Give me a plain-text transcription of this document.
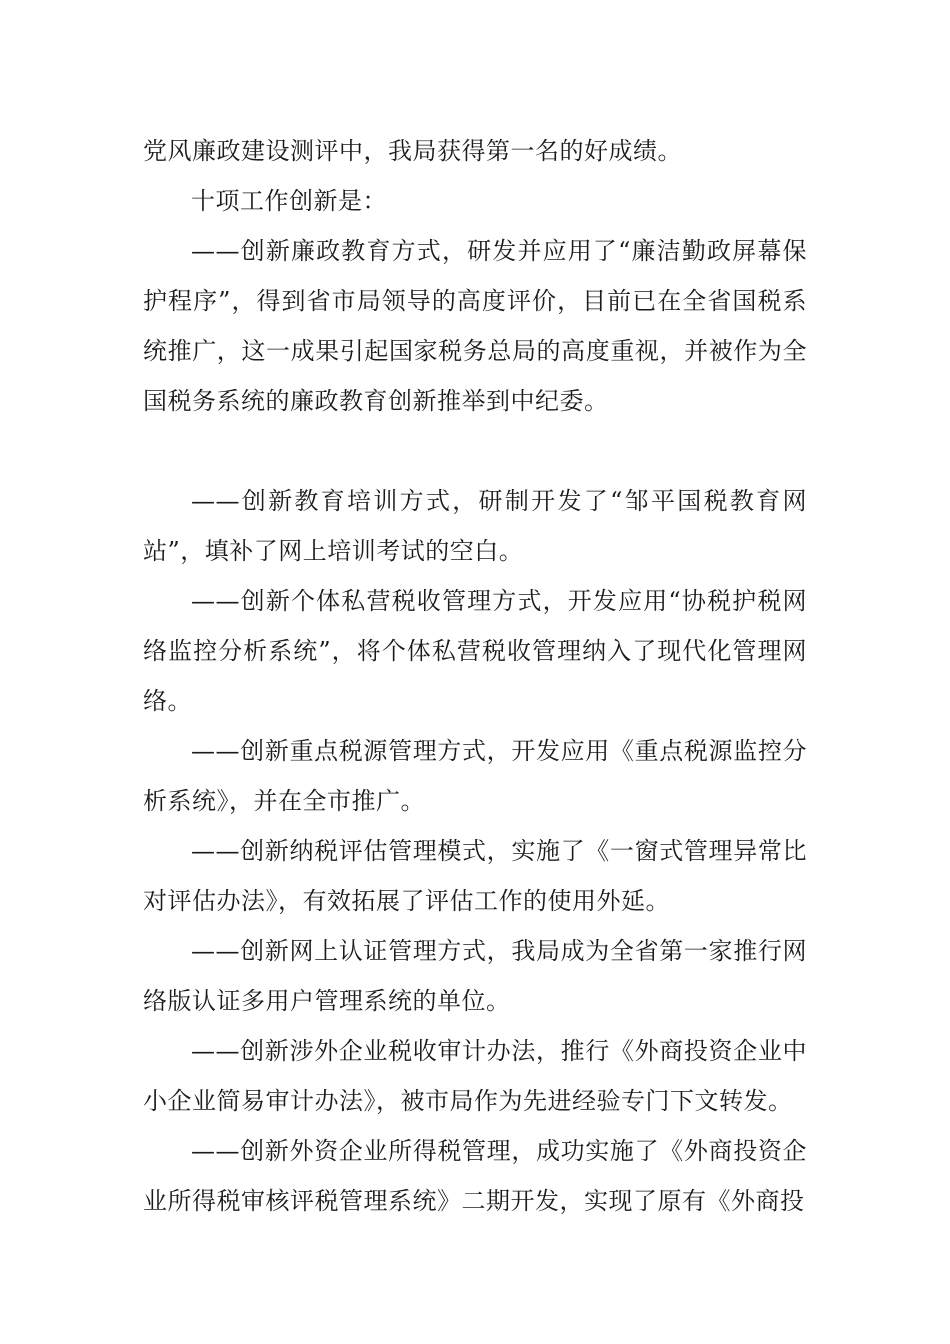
党风廉政建设测评中，我局获得第一名的好成绩。

十项工作创新是：

——创新廉政教育方式，研发并应用了“廉洁勤政屏幕保护程序”，得到省市局领导的高度评价，目前已在全省国税系统推广，这一成果引起国家税务总局的高度重视，并被作为全国税务系统的廉政教育创新推举到中纪委。

——创新教育培训方式，研制开发了“邹平国税教育网站”，填补了网上培训考试的空白。

——创新个体私营税收管理方式，开发应用“协税护税网络监控分析系统”，将个体私营税收管理纳入了现代化管理网络。

——创新重点税源管理方式，开发应用《重点税源监控分析系统》，并在全市推广。

——创新纳税评估管理模式，实施了《一窗式管理异常比对评估办法》，有效拓展了评估工作的使用外延。

——创新网上认证管理方式，我局成为全省第一家推行网络版认证多用户管理系统的单位。

——创新涉外企业税收审计办法，推行《外商投资企业中小企业简易审计办法》，被市局作为先进经验专门下文转发。

——创新外资企业所得税管理，成功实施了《外商投资企业所得税审核评税管理系统》二期开发，实现了原有《外商投
